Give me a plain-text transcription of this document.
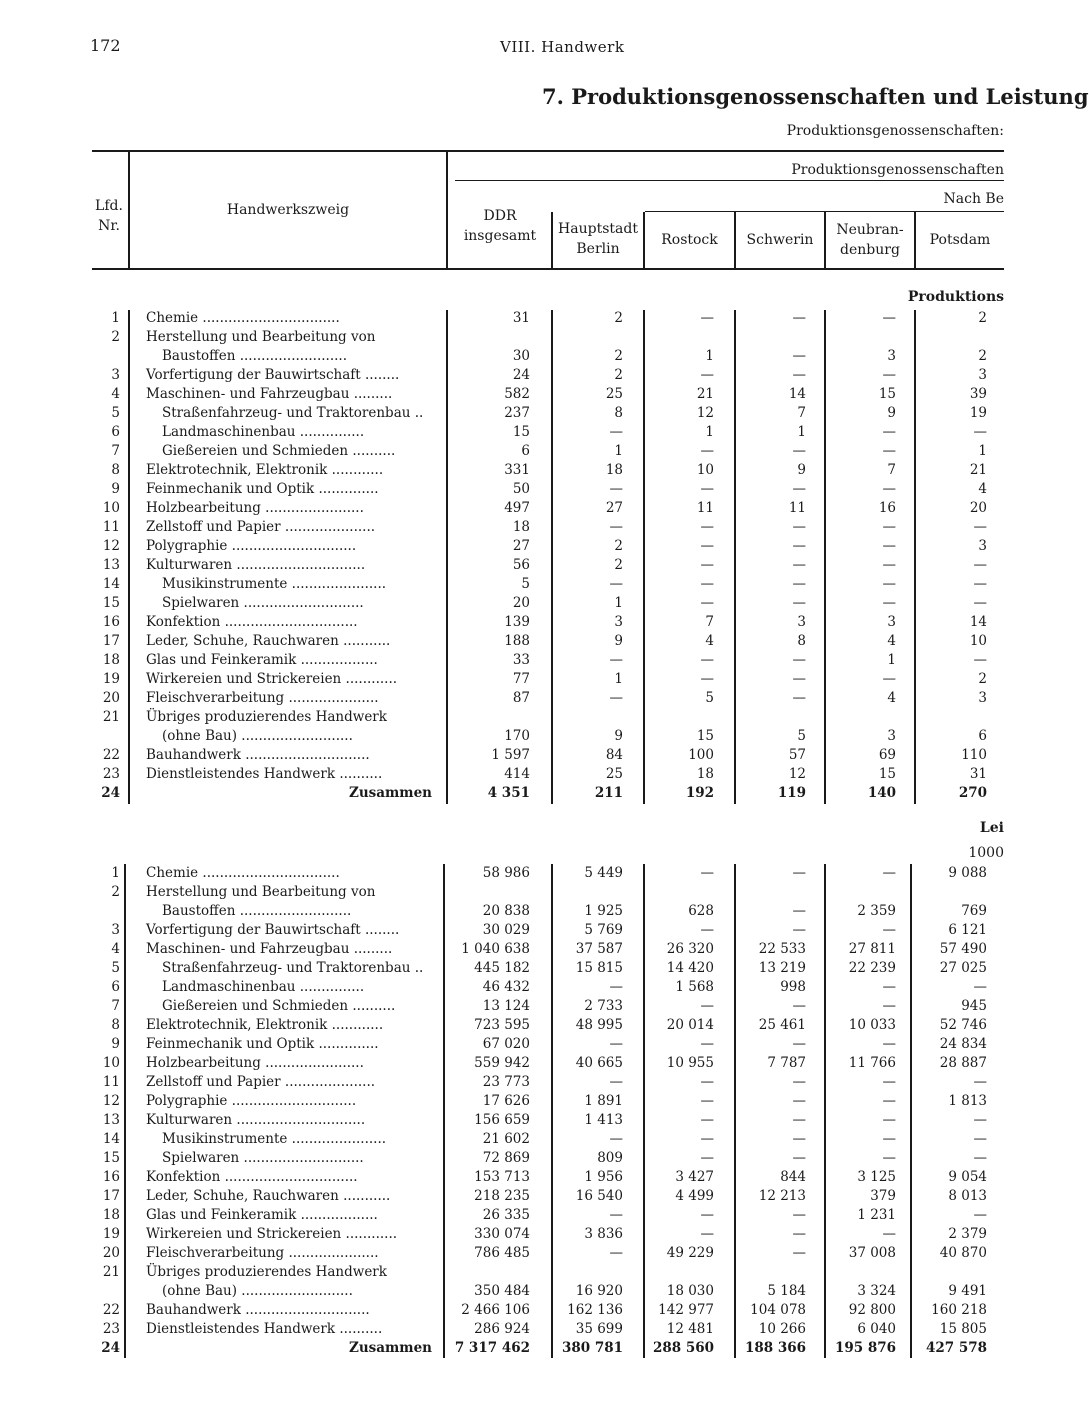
172	VIII. Handwerk
7. Produktionsgenossenschaften und Leistung
Produktionsgenossenschaften:
Lfd.
Nr.
Handwerkszweig
Produktionsgenossenschaften
Nach Be
DDR
insgesamt	Hauptstadt
Berlin
Rostock	Schwerin
Neubran-
denburg
Potsdam
Produktions
Lei
1000
1 Chemie ................................	31	2	—	—	—	2
2 Herstellung und Bearbeitung von
Baustoffen .........................	30	2	1	—	3	2
3 Vorfertigung der Bauwirtschaft ........	24	2	—	—	—	3
4 Maschinen- und Fahrzeugbau .........	582	25	21	14	15	39
5	Straßenfahrzeug- und Traktorenbau ..	237	8	12	7	9	19
6	Landmaschinenbau ...............	15	—	1	1	—	—
7	Gießereien und Schmieden ..........	6	1	—	—	—	1
8 Elektrotechnik, Elektronik ............	331	18	10	9	7	21
9 Feinmechanik und Optik ..............	50	—	—	—	—	4
10 Holzbearbeitung .......................	497	27	11	11	16	20
11 Zellstoff und Papier .....................	18	—	—	—	—	—
12 Polygraphie .............................	27	2	—	—	—	3
13 Kulturwaren ..............................	56	2	—	—	—	—
14	Musikinstrumente ......................	5	—	—	—	—	—
15	Spielwaren ............................	20	1	—	—	—	—
16 Konfektion ...............................	139	3	7	3	3	14
17 Leder, Schuhe, Rauchwaren ...........	188	9	4	8	4	10
18 Glas und Feinkeramik ..................	33	—	—	—	1	—
19 Wirkereien und Strickereien ............	77	1	—	—	—	2
20 Fleischverarbeitung .....................	87	—	5	—	4	3
21 Übriges produzierendes Handwerk
(ohne Bau) ..........................	170	9	15	5	3	6
22 Bauhandwerk .............................	1 597	84	100	57	69	110
23 Dienstleistendes Handwerk ..........	414	25	18	12	15	31
24	Zusammen	4 351	211	192	119	140	270
1 Chemie ................................	58 986	5 449	—	—	—	9 088
2 Herstellung und Bearbeitung von
Baustoffen ..........................	20 838	1 925	628	—	2 359	769
3 Vorfertigung der Bauwirtschaft ........	30 029	5 769	—	—	—	6 121
4 Maschinen- und Fahrzeugbau .........	1 040 638	37 587	26 320	22 533	27 811	57 490
5	Straßenfahrzeug- und Traktorenbau ..	445 182	15 815	14 420	13 219	22 239	27 025
6	Landmaschinenbau ...............	46 432	—	1 568	998	—	—
7	Gießereien und Schmieden ..........	13 124	2 733	—	—	—	945
8 Elektrotechnik, Elektronik ............	723 595	48 995	20 014	25 461	10 033	52 746
9 Feinmechanik und Optik ..............	67 020	—	—	—	—	24 834
10 Holzbearbeitung .......................	559 942	40 665	10 955	7 787	11 766	28 887
11 Zellstoff und Papier .....................	23 773	—	—	—	—	—
12 Polygraphie .............................	17 626	1 891	—	—	—	1 813
13 Kulturwaren ..............................	156 659	1 413	—	—	—	—
14	Musikinstrumente ......................	21 602	—	—	—	—	—
15	Spielwaren ............................	72 869	809	—	—	—	—
16 Konfektion ...............................	153 713	1 956	3 427	844	3 125	9 054
17 Leder, Schuhe, Rauchwaren ...........	218 235	16 540	4 499	12 213	379	8 013
18 Glas und Feinkeramik ..................	26 335	—	—	—	1 231	—
19 Wirkereien und Strickereien ............	330 074	3 836	—	—	—	2 379
20 Fleischverarbeitung .....................	786 485	—	49 229	—	37 008	40 870
21 Übriges produzierendes Handwerk
(ohne Bau) ..........................	350 484	16 920	18 030	5 184	3 324	9 491
22 Bauhandwerk .............................	2 466 106	162 136	142 977	104 078	92 800	160 218
23 Dienstleistendes Handwerk ..........	286 924	35 699	12 481	10 266	6 040	15 805
24	Zusammen	7 317 462	380 781	288 560	188 366	195 876	427 578
